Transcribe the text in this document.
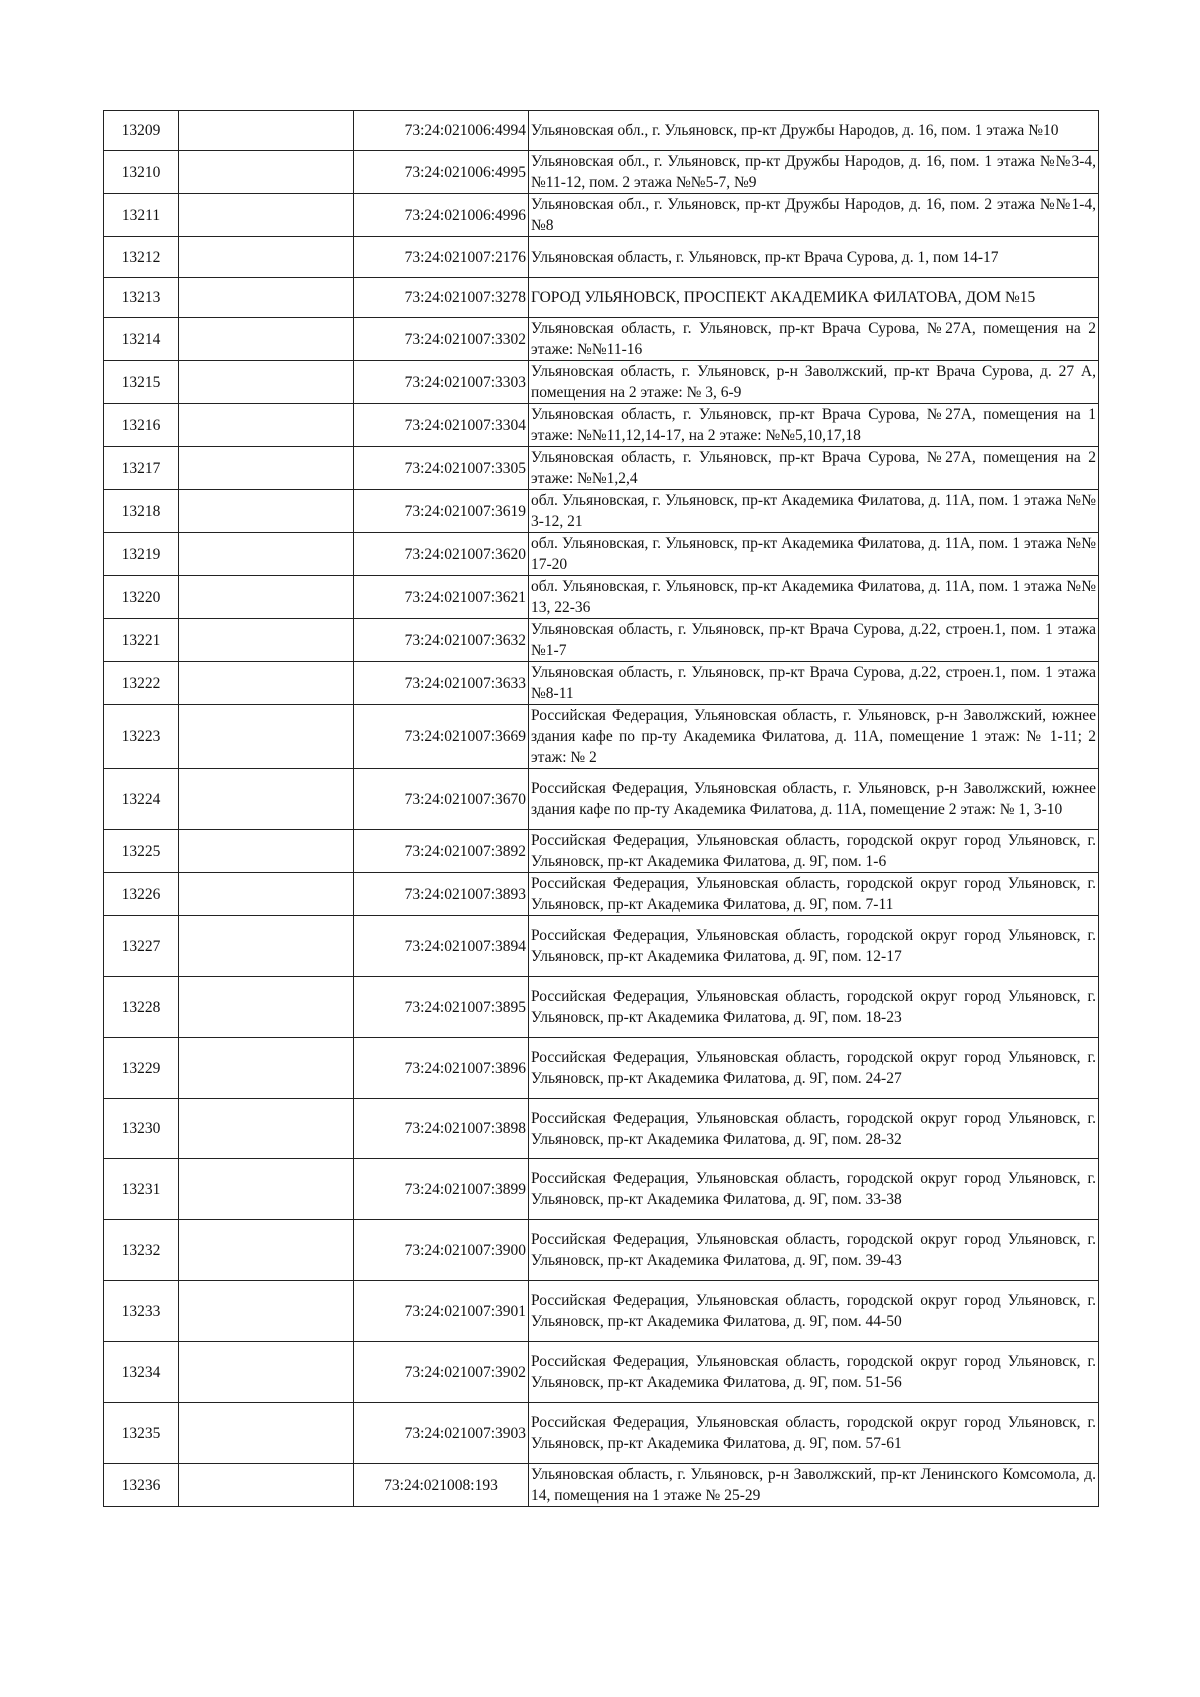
13209		73:24:021006:4994	Ульяновская обл., г. Ульяновск, пр-кт Дружбы Народов, д. 16, пом. 1 этажа №10
13210		73:24:021006:4995	Ульяновская обл., г. Ульяновск, пр-кт Дружбы Народов, д. 16, пом. 1 этажа №№3-4, №11-12, пом. 2 этажа №№5-7, №9
13211		73:24:021006:4996	Ульяновская обл., г. Ульяновск, пр-кт Дружбы Народов, д. 16, пом. 2 этажа №№1-4, №8
13212		73:24:021007:2176	Ульяновская область, г. Ульяновск, пр-кт Врача Сурова, д. 1, пом 14-17
13213		73:24:021007:3278	ГОРОД УЛЬЯНОВСК, ПРОСПЕКТ АКАДЕМИКА ФИЛАТОВА, ДОМ №15
13214		73:24:021007:3302	Ульяновская область, г. Ульяновск, пр-кт Врача Сурова, №27А, помещения на 2 этаже: №№11-16
13215		73:24:021007:3303	Ульяновская область, г. Ульяновск, р-н Заволжский, пр-кт Врача Сурова, д. 27 А, помещения на 2 этаже: № 3, 6-9
13216		73:24:021007:3304	Ульяновская область, г. Ульяновск, пр-кт Врача Сурова, №27А, помещения на 1 этаже: №№11,12,14-17, на 2 этаже: №№5,10,17,18
13217		73:24:021007:3305	Ульяновская область, г. Ульяновск, пр-кт Врача Сурова, №27А, помещения на 2 этаже: №№1,2,4
13218		73:24:021007:3619	обл. Ульяновская, г. Ульяновск, пр-кт Академика Филатова, д. 11А, пом. 1 этажа №№ 3-12, 21
13219		73:24:021007:3620	обл. Ульяновская, г. Ульяновск, пр-кт Академика Филатова, д. 11А, пом. 1 этажа №№ 17-20
13220		73:24:021007:3621	обл. Ульяновская, г. Ульяновск, пр-кт Академика Филатова, д. 11А, пом. 1 этажа №№ 13, 22-36
13221		73:24:021007:3632	Ульяновская область, г. Ульяновск, пр-кт Врача Сурова, д.22, строен.1, пом. 1 этажа №1-7
13222		73:24:021007:3633	Ульяновская область, г. Ульяновск, пр-кт Врача Сурова, д.22, строен.1, пом. 1 этажа №8-11
13223		73:24:021007:3669	Российская Федерация, Ульяновская область, г. Ульяновск, р-н Заволжский, южнее здания кафе по пр-ту Академика Филатова, д. 11А, помещение 1 этаж: № 1-11; 2 этаж: № 2
13224		73:24:021007:3670	Российская Федерация, Ульяновская область, г. Ульяновск, р-н Заволжский, южнее здания кафе по пр-ту Академика Филатова, д. 11А, помещение 2 этаж: № 1, 3-10
13225		73:24:021007:3892	Российская Федерация, Ульяновская область, городской округ город Ульяновск, г. Ульяновск, пр-кт Академика Филатова, д. 9Г, пом. 1-6
13226		73:24:021007:3893	Российская Федерация, Ульяновская область, городской округ город Ульяновск, г. Ульяновск, пр-кт Академика Филатова, д. 9Г, пом. 7-11
13227		73:24:021007:3894	Российская Федерация, Ульяновская область, городской округ город Ульяновск, г. Ульяновск, пр-кт Академика Филатова, д. 9Г, пом. 12-17
13228		73:24:021007:3895	Российская Федерация, Ульяновская область, городской округ город Ульяновск, г. Ульяновск, пр-кт Академика Филатова, д. 9Г, пом. 18-23
13229		73:24:021007:3896	Российская Федерация, Ульяновская область, городской округ город Ульяновск, г. Ульяновск, пр-кт Академика Филатова, д. 9Г, пом. 24-27
13230		73:24:021007:3898	Российская Федерация, Ульяновская область, городской округ город Ульяновск, г. Ульяновск, пр-кт Академика Филатова, д. 9Г, пом. 28-32
13231		73:24:021007:3899	Российская Федерация, Ульяновская область, городской округ город Ульяновск, г. Ульяновск, пр-кт Академика Филатова, д. 9Г, пом. 33-38
13232		73:24:021007:3900	Российская Федерация, Ульяновская область, городской округ город Ульяновск, г. Ульяновск, пр-кт Академика Филатова, д. 9Г, пом. 39-43
13233		73:24:021007:3901	Российская Федерация, Ульяновская область, городской округ город Ульяновск, г. Ульяновск, пр-кт Академика Филатова, д. 9Г, пом. 44-50
13234		73:24:021007:3902	Российская Федерация, Ульяновская область, городской округ город Ульяновск, г. Ульяновск, пр-кт Академика Филатова, д. 9Г, пом. 51-56
13235		73:24:021007:3903	Российская Федерация, Ульяновская область, городской округ город Ульяновск, г. Ульяновск, пр-кт Академика Филатова, д. 9Г, пом. 57-61
13236		73:24:021008:193	Ульяновская область, г. Ульяновск, р-н Заволжский, пр-кт Ленинского Комсомола, д. 14, помещения на 1 этаже № 25-29
